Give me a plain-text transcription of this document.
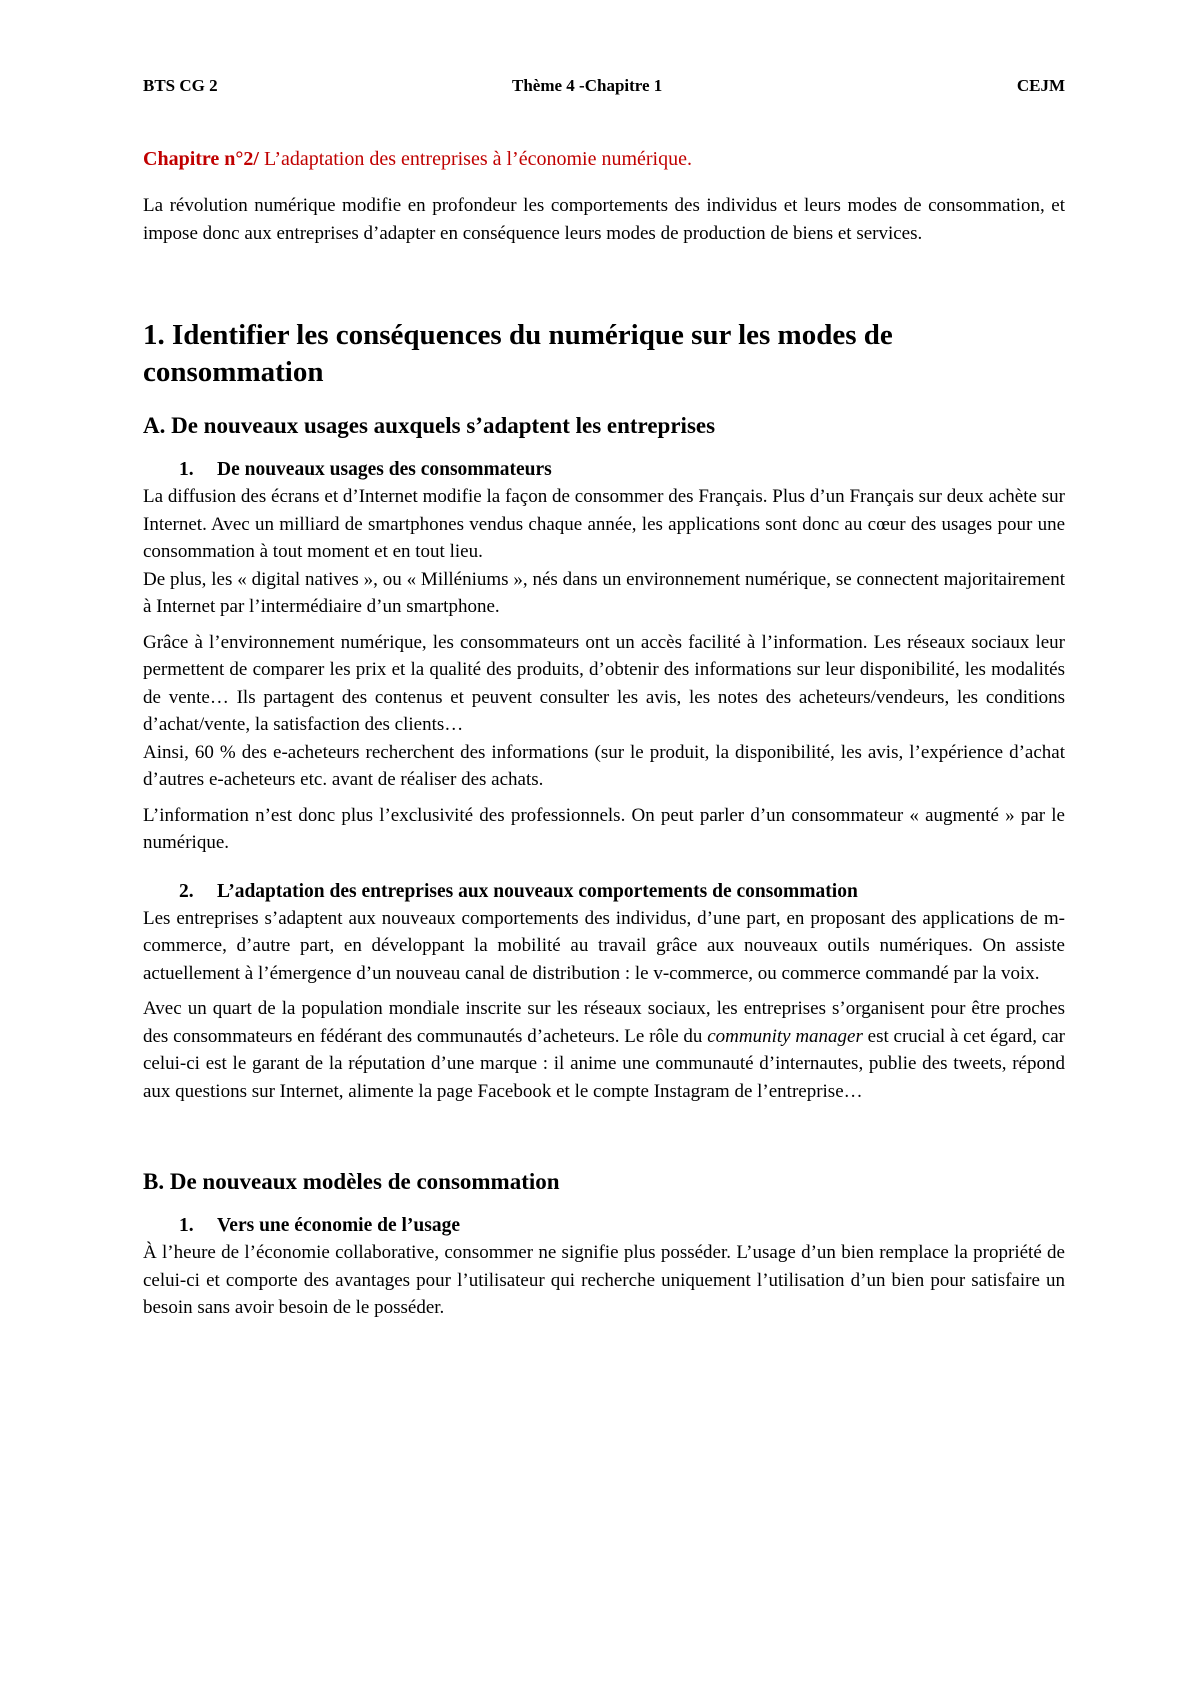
BTS CG 2	Thème 4 -Chapitre 1	CEJM
Chapitre n°2/ L’adaptation des entreprises à l’économie numérique.

La révolution numérique modifie en profondeur les comportements des individus et leurs modes de consommation, et impose donc aux entreprises d’adapter en conséquence leurs modes de production de biens et services.

1. Identifier les conséquences du numérique sur les modes de consommation
A. De nouveaux usages auxquels s’adaptent les entreprises
1. De nouveaux usages des consommateurs

La diffusion des écrans et d’Internet modifie la façon de consommer des Français. Plus d’un Français sur deux achète sur Internet. Avec un milliard de smartphones vendus chaque année, les applications sont donc au cœur des usages pour une consommation à tout moment et en tout lieu.

De plus, les « digital natives », ou « Milléniums », nés dans un environnement numérique, se connectent majoritairement à Internet par l’intermédiaire d’un smartphone.

Grâce à l’environnement numérique, les consommateurs ont un accès facilité à l’information. Les réseaux sociaux leur permettent de comparer les prix et la qualité des produits, d’obtenir des informations sur leur disponibilité, les modalités de vente… Ils partagent des contenus et peuvent consulter les avis, les notes des acheteurs/vendeurs, les conditions d’achat/vente, la satisfaction des clients…

Ainsi, 60 % des e-acheteurs recherchent des informations (sur le produit, la disponibilité, les avis, l’expérience d’achat d’autres e-acheteurs etc. avant de réaliser des achats.

L’information n’est donc plus l’exclusivité des professionnels. On peut parler d’un consommateur « augmenté » par le numérique.

2. L’adaptation des entreprises aux nouveaux comportements de consommation

Les entreprises s’adaptent aux nouveaux comportements des individus, d’une part, en proposant des applications de m-commerce, d’autre part, en développant la mobilité au travail grâce aux nouveaux outils numériques. On assiste actuellement à l’émergence d’un nouveau canal de distribution : le v-commerce, ou commerce commandé par la voix.

Avec un quart de la population mondiale inscrite sur les réseaux sociaux, les entreprises s’organisent pour être proches des consommateurs en fédérant des communautés d’acheteurs. Le rôle du community manager est crucial à cet égard, car celui-ci est le garant de la réputation d’une marque : il anime une communauté d’internautes, publie des tweets, répond aux questions sur Internet, alimente la page Facebook et le compte Instagram de l’entreprise…

B. De nouveaux modèles de consommation
1. Vers une économie de l’usage

À l’heure de l’économie collaborative, consommer ne signifie plus posséder. L’usage d’un bien remplace la propriété de celui-ci et comporte des avantages pour l’utilisateur qui recherche uniquement l’utilisation d’un bien pour satisfaire un besoin sans avoir besoin de le posséder.
